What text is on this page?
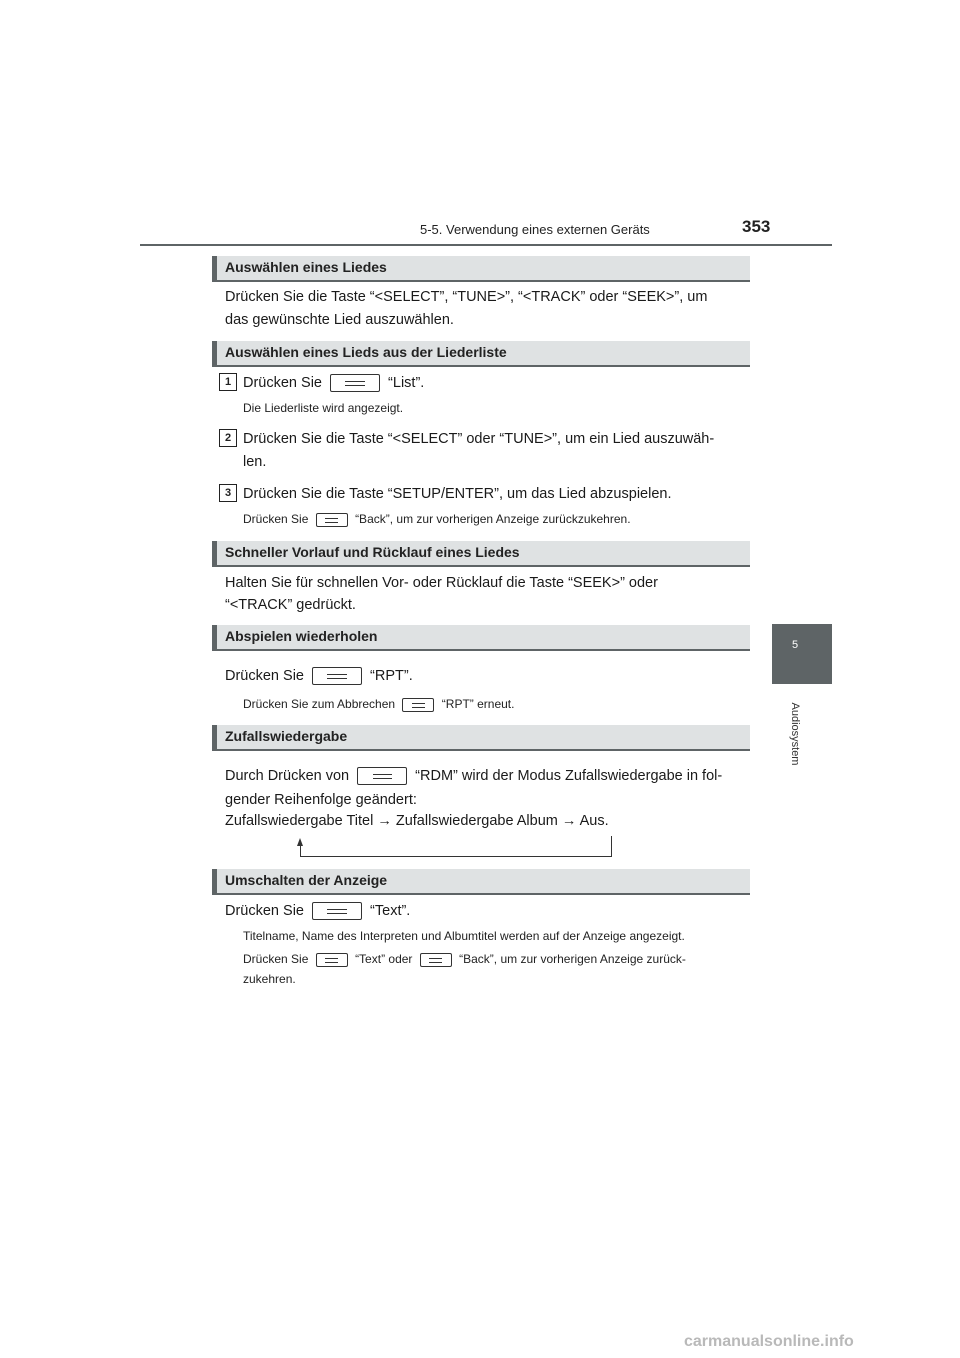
5-5. Verwendung eines externen Geräts	353
5
Audiosystem
Auswählen eines Liedes
Drücken Sie die Taste “<SELECT”, “TUNE>”, “<TRACK” oder “SEEK>”, um
das gewünschte Lied auszuwählen.
Auswählen eines Lieds aus der Liederliste
1 Drücken Sie	“List”.
Die Liederliste wird angezeigt.
2 Drücken Sie die Taste “<SELECT” oder “TUNE>”, um ein Lied auszuwäh-
len.
3 Drücken Sie die Taste “SETUP/ENTER”, um das Lied abzuspielen.
Drücken Sie	“Back”, um zur vorherigen Anzeige zurückzukehren.
Schneller Vorlauf und Rücklauf eines Liedes
Halten Sie für schnellen Vor- oder Rücklauf die Taste “SEEK>” oder
“<TRACK” gedrückt.
Abspielen wiederholen
Drücken Sie	“RPT”.
Drücken Sie zum Abbrechen	“RPT” erneut.
Zufallswiedergabe
Durch Drücken von	“RDM” wird der Modus Zufallswiedergabe in fol-
gender Reihenfolge geändert:
Zufallswiedergabe Titel → Zufallswiedergabe Album → Aus.
Umschalten der Anzeige
Drücken Sie	“Text”.
Titelname, Name des Interpreten und Albumtitel werden auf der Anzeige angezeigt.
Drücken Sie	“Text” oder	“Back”, um zur vorherigen Anzeige zurück-
zukehren.
carmanualsonline.info
